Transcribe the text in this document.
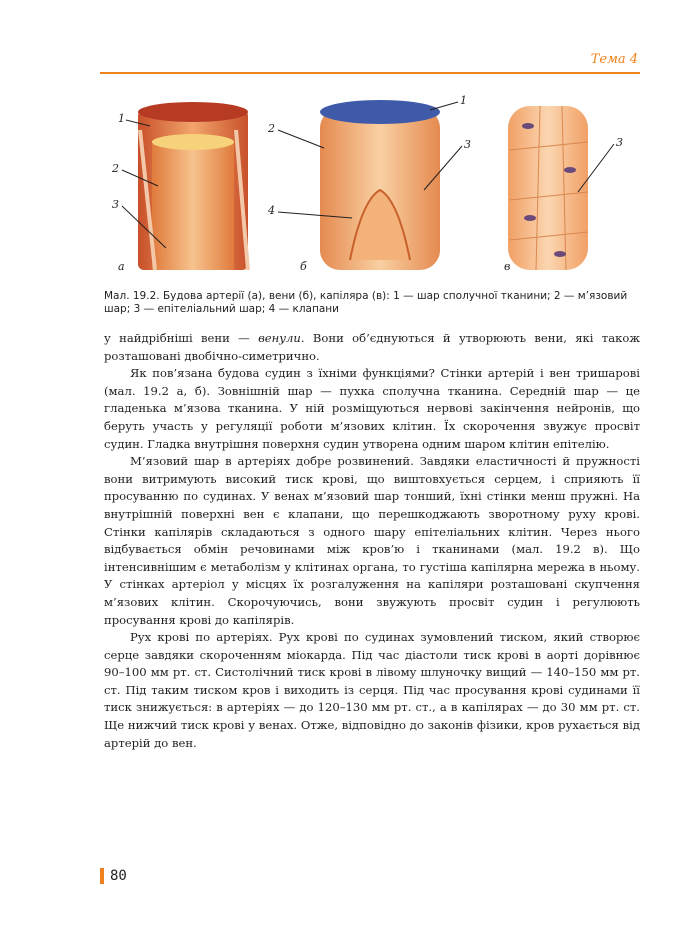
Тема 4
1
2
3
а
1
2
3
4
б
3
в
Мал. 19.2. Будова артерії (а), вени (б), капіляра (в): 1 — шар сполучної тканини; 2 — м’язовий шар; 3 — епітеліальний шар; 4 — клапани

у найдрібніші вени — венули. Вони об’єднуються й утворюють вени, які також розташовані двобічно-симетрично.

Як пов’язана будова судин з їхніми функціями? Стінки артерій і вен тришарові (мал. 19.2 а, б). Зовнішній шар — пухка сполучна тканина. Середній шар — це гладенька м’язова тканина. У ній розміщуються нервові закінчення нейронів, що беруть участь у регуляції роботи м’язових клітин. Їх скорочення звужує просвіт судин. Гладка внутрішня поверхня судин утворена одним шаром клітин епітелію.

М’язовий шар в артеріях добре розвинений. Завдяки еластичності й пружності вони витримують високий тиск крові, що виштовхується серцем, і сприяють її просуванню по судинах. У венах м’язовий шар тонший, їхні стінки менш пружні. На внутрішній поверхні вен є клапани, що перешкоджають зворотному руху крові. Стінки капілярів складаються з одного шару епітеліальних клітин. Через нього відбувається обмін речовинами між кров’ю і тканинами (мал. 19.2 в). Що інтенсивнішим є метаболізм у клітинах органа, то густіша капілярна мережа в ньому. У стінках артеріол у місцях їх розгалуження на капіляри розташовані скупчення м’язових клітин. Скорочуючись, вони звужують просвіт судин і регулюють просування крові до капілярів.

Рух крові по артеріях. Рух крові по судинах зумовлений тиском, який створює серце завдяки скороченням міокарда. Під час діастоли тиск крові в аорті дорівнює 90–100 мм рт. ст. Систолічний тиск крові в лівому шлуночку вищий — 140–150 мм рт. ст. Під таким тиском кров і виходить із серця. Під час просування крові судинами її тиск знижується: в артеріях — до 120–130 мм рт. ст., а в капілярах — до 30 мм рт. ст. Ще нижчий тиск крові у венах. Отже, відповідно до законів фізики, кров рухається від артерій до вен.

80
